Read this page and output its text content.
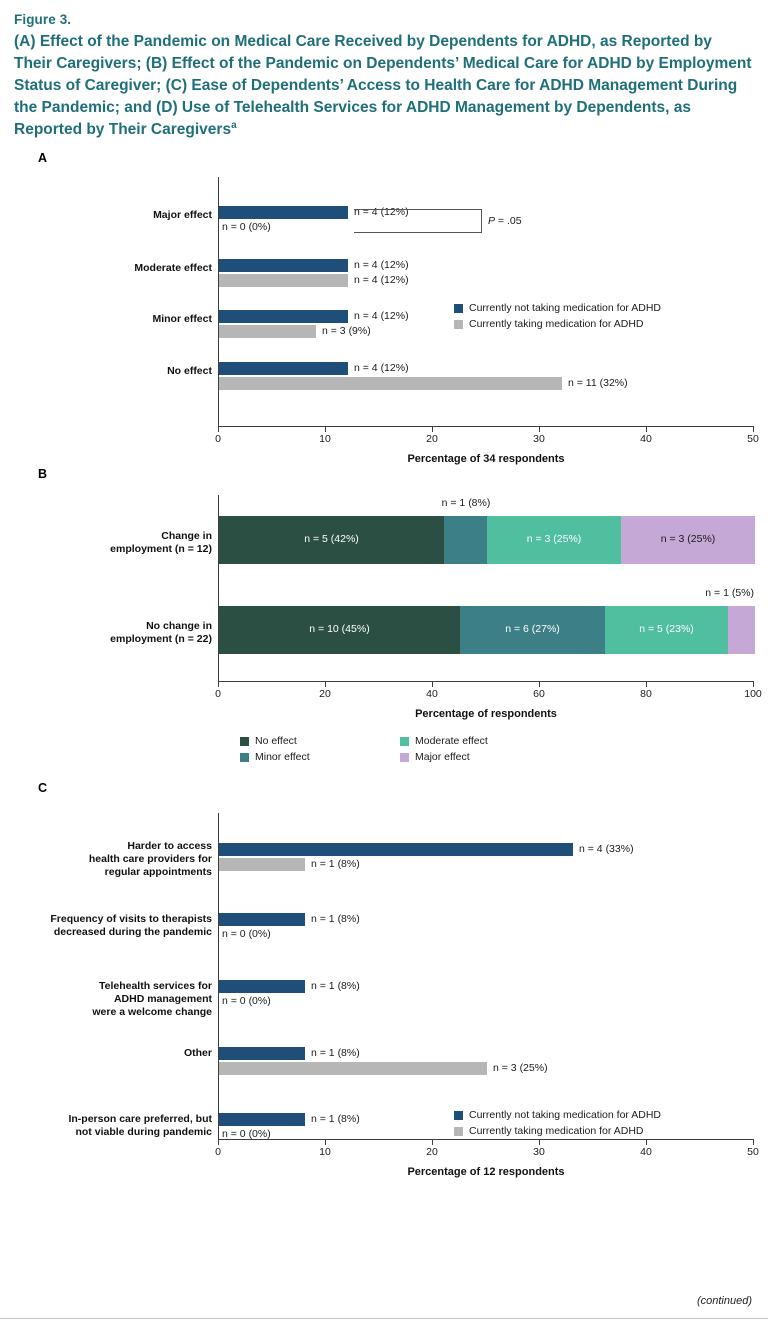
Figure 3.
(A) Effect of the Pandemic on Medical Care Received by Dependents for ADHD, as Reported by Their Caregivers; (B) Effect of the Pandemic on Dependents’ Medical Care for ADHD by Employment Status of Caregiver; (C) Ease of Dependents’ Access to Health Care for ADHD Management During the Pandemic; and (D) Use of Telehealth Services for ADHD Management by Dependents, as Reported by Their Caregivers$^a$
A
Major effect	n = 4 (12%)
n = 0 (0%)	P = .05
Moderate effect	n = 4 (12%)
n = 4 (12%)
Minor effect	n = 4 (12%)
n = 3 (9%)
No effect	n = 4 (12%)
n = 11 (32%)
Currently not taking medication for ADHD
Currently taking medication for ADHD
0	10	20	30	40	50
Percentage of 34 respondents
B
Change in
employment (n = 12)
n = 5 (42%)
n = 1 (8%)
n = 3 (25%)	n = 3 (25%)
No change in
employment (n = 22)
n = 10 (45%)	n = 6 (27%)	n = 5 (23%)
n = 1 (5%)
0	20	40	60	80	100
Percentage of respondents
No effect
Minor effect
Moderate effect
Major effect
C
Harder to access
health care providers for
regular appointments
n = 4 (33%)
n = 1 (8%)
Frequency of visits to therapists
decreased during the pandemic
n = 1 (8%)
n = 0 (0%)
Telehealth services for
ADHD management
were a welcome change
n = 1 (8%)
n = 0 (0%)
Other	n = 1 (8%)
n = 3 (25%)
In-person care preferred, but
not viable during pandemic
n = 1 (8%)
n = 0 (0%)
Currently not taking medication for ADHD
Currently taking medication for ADHD
0	10	20	30	40	50
Percentage of 12 respondents
(continued)
